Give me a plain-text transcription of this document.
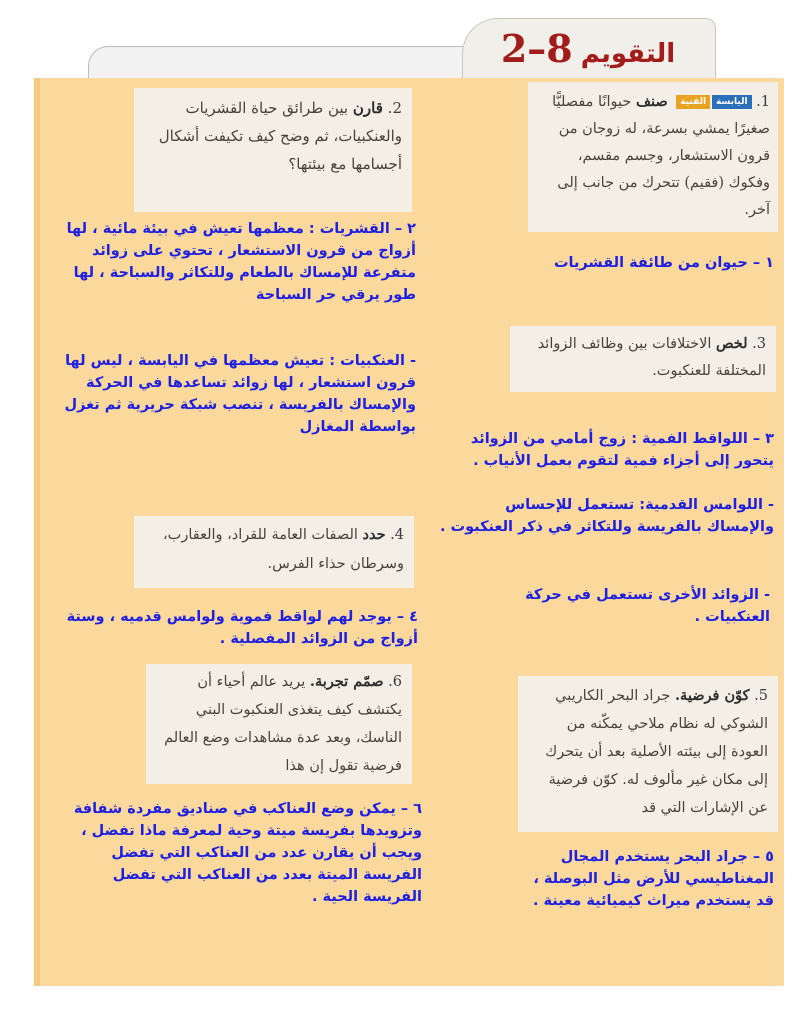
التقويم8–2
1.
الفنية	اليابسة
صنف حيوانًا مفصليًّا صغيرًا يمشي بسرعة، له زوجان من قرون الاستشعار، وجسم مقسم، وفكوك (فقيم) تتحرك من جانب إلى آخر.
2. قارن بين طرائق حياة القشريات والعنكبيات، ثم وضح كيف تكيفت أشكال أجسامها مع بيئتها؟

١ – حيوان من طائفة القشريات

٢ – القشريات : معظمها تعيش في بيئة مائية ، لها أزواج من قرون الاستشعار ، تحتوي على زوائد متفرعة للإمساك بالطعام وللتكاثر والسباحة ، لها طور يرقي حر السباحة

- العنكبيات : تعيش معظمها في اليابسة ، ليس لها قرون استشعار ، لها زوائد تساعدها في الحركة والإمساك بالفريسة ، تنصب شبكة حريرية ثم تغزل بواسطة المغازل

3. لخص الاختلافات بين وظائف الزوائد المختلفة للعنكبوت.

٣ – اللواقط الفمية : زوج أمامي من الزوائد يتحور إلى أجزاء فمية لتقوم بعمل الأنياب .

- اللوامس القدمية: تستعمل للإحساس والإمساك بالفريسة وللتكاثر في ذكر العنكبوت .

- الزوائد الأخرى تستعمل في حركة العنكبيات .

4. حدد الصفات العامة للقراد، والعقارب، وسرطان حذاء الفرس.

٤ – يوجد لهم لواقط فموية ولوامس قدميه ، وستة أزواج من الزوائد المفصلية .

6. صمّم تجربة. يريد عالم أحياء أن يكتشف كيف يتغذى العنكبوت البني الناسك، وبعد عدة مشاهدات وضع العالم فرضية تقول إن هذا
5. كوّن فرضية. جراد البحر الكاريبي الشوكي له نظام ملاحي يمكّنه من العودة إلى بيئته الأصلية بعد أن يتحرك إلى مكان غير مألوف له. كوّن فرضية عن الإشارات التي قد

٦ – يمكن وضع العناكب في صناديق مفردة شفافة وتزويدها بفريسة ميتة وحية لمعرفة ماذا تفضل ، ويجب أن يقارن عدد من العناكب التي تفضل الفريسة الميتة بعدد من العناكب التي تفضل الفريسة الحية .

٥ – جراد البحر يستخدم المجال المغناطيسي للأرض مثل البوصلة ، قد يستخدم ميراث كيميائية معينة .
